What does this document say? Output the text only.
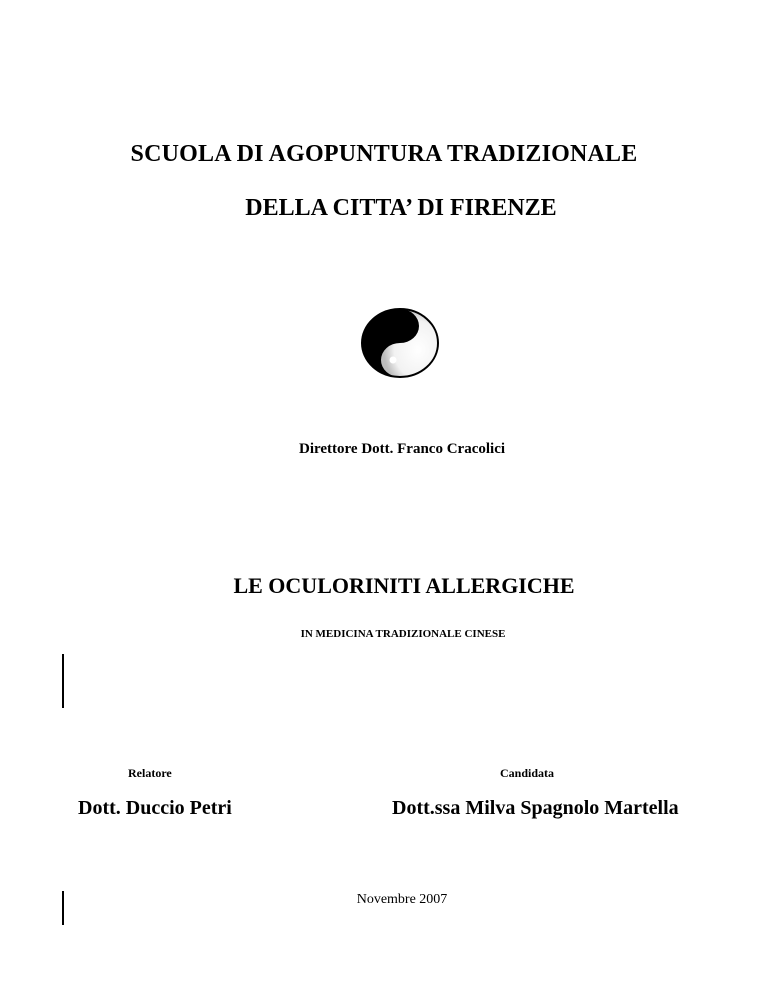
SCUOLA DI AGOPUNTURA TRADIZIONALE
DELLA CITTA’ DI FIRENZE
Direttore Dott. Franco Cracolici
LE OCULORINITI ALLERGICHE
IN MEDICINA TRADIZIONALE CINESE
Relatore	Candidata
Dott. Duccio Petri	Dott.ssa Milva Spagnolo Martella
Novembre 2007
